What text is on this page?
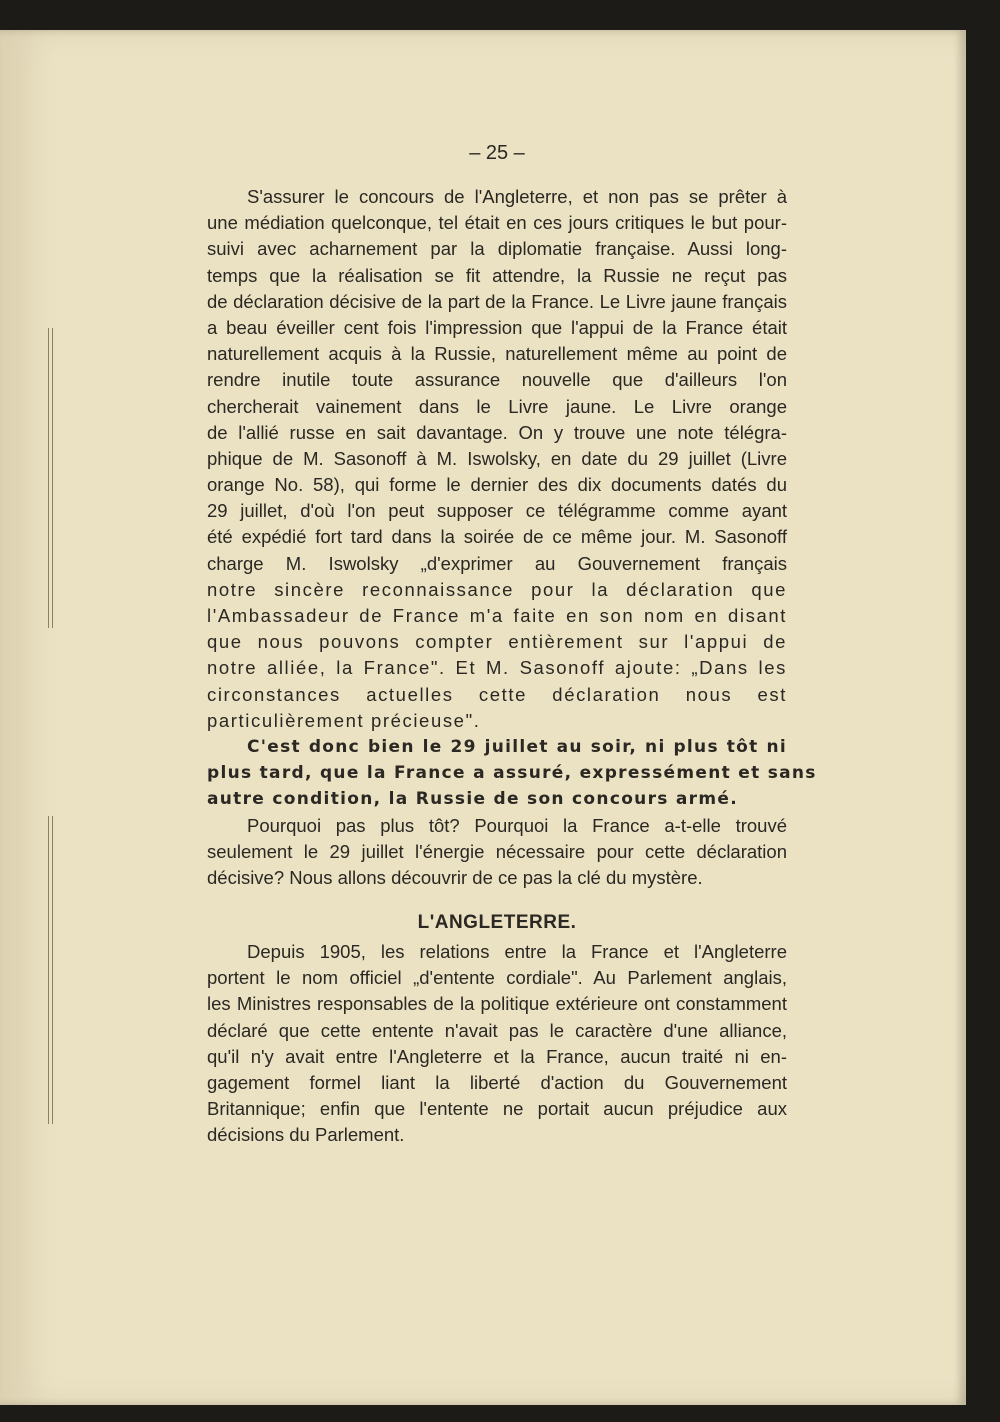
– 25 –
S'assurer le concours de l'Angleterre, et non pas se prêter à
une médiation quelconque, tel était en ces jours critiques le but pour-
suivi avec acharnement par la diplomatie française. Aussi long-
temps que la réalisation se fit attendre, la Russie ne reçut pas
de déclaration décisive de la part de la France. Le Livre jaune français
a beau éveiller cent fois l'impression que l'appui de la France était
naturellement acquis à la Russie, naturellement même au point de
rendre inutile toute assurance nouvelle que d'ailleurs l'on
chercherait vainement dans le Livre jaune. Le Livre orange
de l'allié russe en sait davantage. On y trouve une note télégra-
phique de M. Sasonoff à M. Iswolsky, en date du 29 juillet (Livre
orange No. 58), qui forme le dernier des dix documents datés du
29 juillet, d'où l'on peut supposer ce télégramme comme ayant
été expédié fort tard dans la soirée de ce même jour. M. Sasonoff
charge M. Iswolsky „d'exprimer au Gouvernement français
notre sincère reconnaissance pour la déclaration que
l'Ambassadeur de France m'a faite en son nom en disant
que nous pouvons compter entièrement sur l'appui de
notre alliée, la France". Et M. Sasonoff ajoute: „Dans les
circonstances actuelles cette déclaration nous est
particulièrement précieuse".
C'est donc bien le 29 juillet au soir, ni plus tôt ni
plus tard, que la France a assuré, expressément et sans
autre condition, la Russie de son concours armé.
Pourquoi pas plus tôt? Pourquoi la France a-t-elle trouvé
seulement le 29 juillet l'énergie nécessaire pour cette déclaration
décisive? Nous allons découvrir de ce pas la clé du mystère.
L'ANGLETERRE.
Depuis 1905, les relations entre la France et l'Angleterre
portent le nom officiel „d'entente cordiale". Au Parlement anglais,
les Ministres responsables de la politique extérieure ont constamment
déclaré que cette entente n'avait pas le caractère d'une alliance,
qu'il n'y avait entre l'Angleterre et la France, aucun traité ni en-
gagement formel liant la liberté d'action du Gouvernement
Britannique; enfin que l'entente ne portait aucun préjudice aux
décisions du Parlement.
